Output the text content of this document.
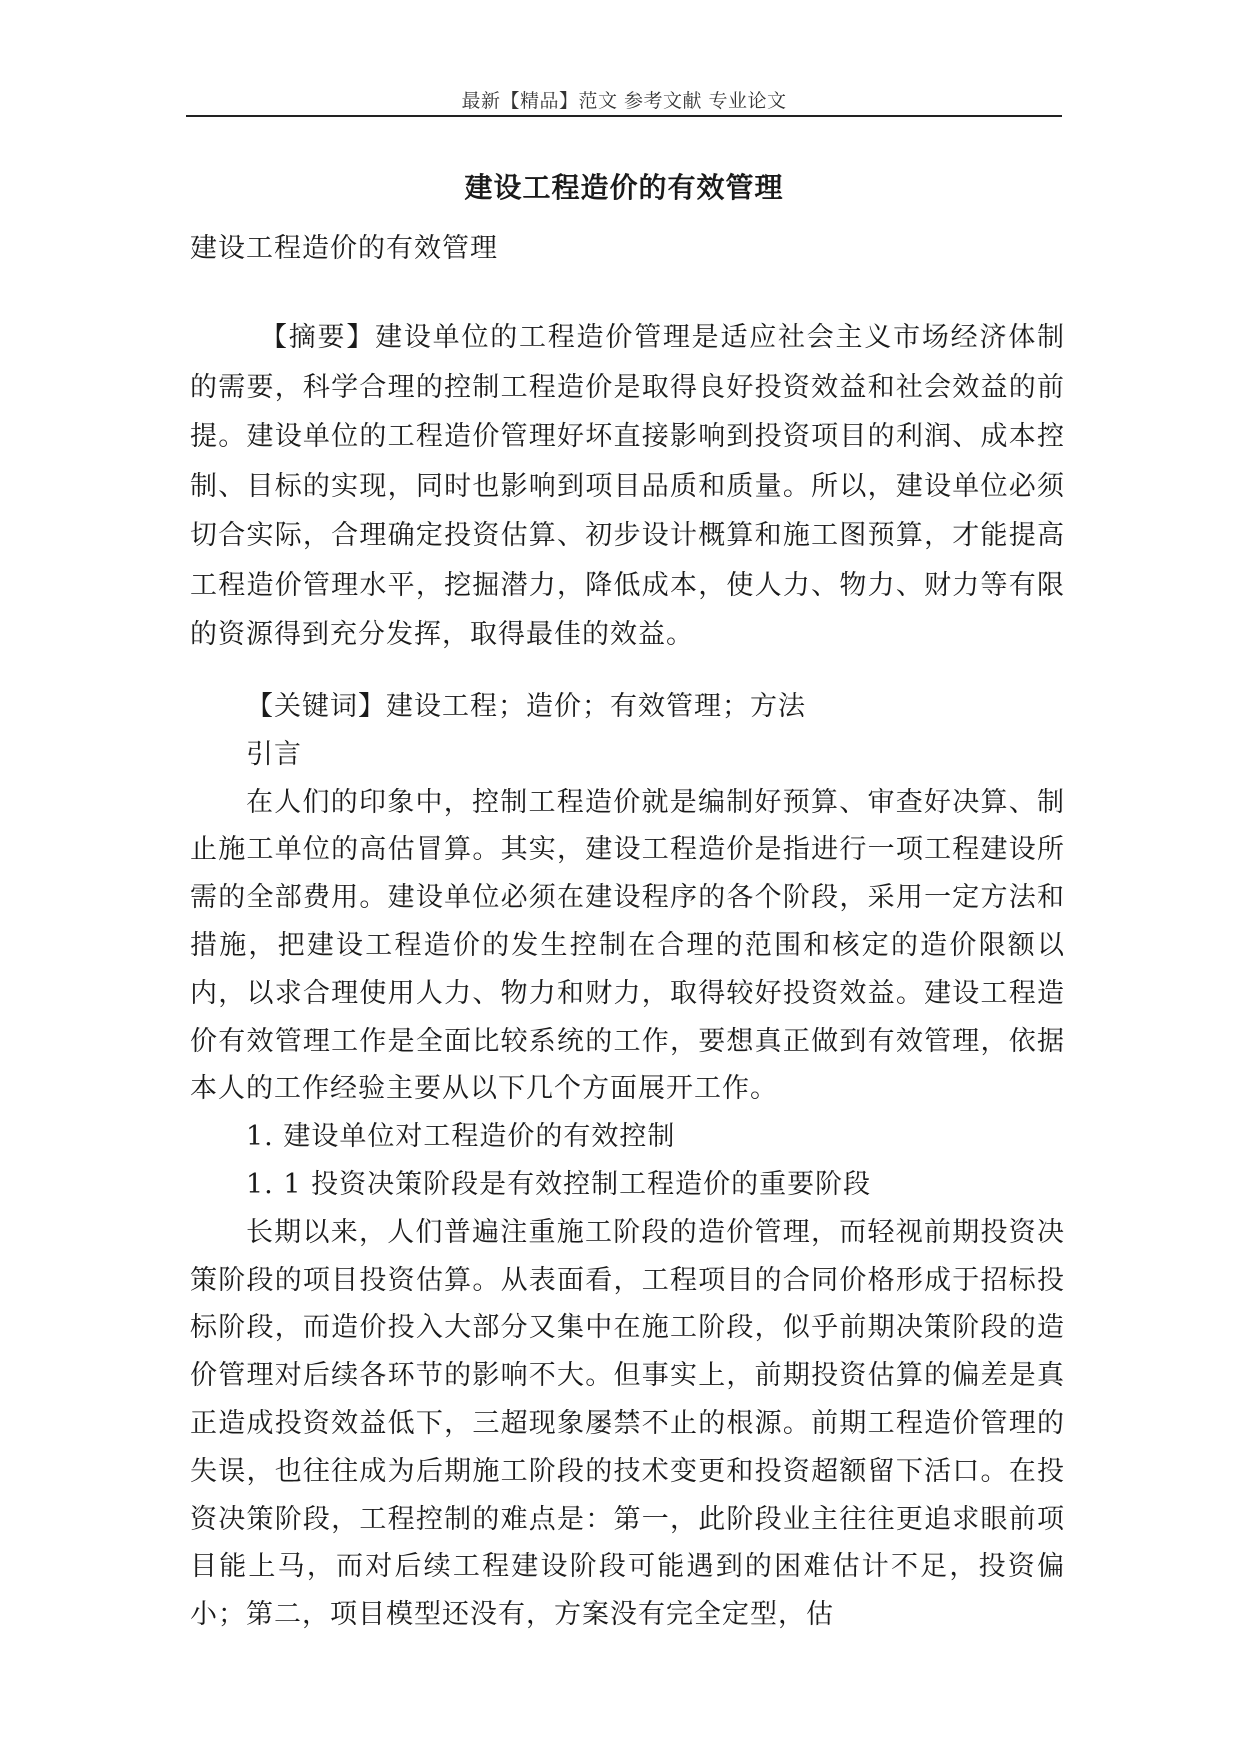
最新【精品】范文 参考文献 专业论文
建设工程造价的有效管理
建设工程造价的有效管理

【摘要】建设单位的工程造价管理是适应社会主义市场经济体制的需要，科学合理的控制工程造价是取得良好投资效益和社会效益的前提。建设单位的工程造价管理好坏直接影响到投资项目的利润、成本控制、目标的实现，同时也影响到项目品质和质量。所以，建设单位必须切合实际，合理确定投资估算、初步设计概算和施工图预算，才能提高工程造价管理水平，挖掘潜力，降低成本，使人力、物力、财力等有限的资源得到充分发挥，取得最佳的效益。

【关键词】建设工程；造价；有效管理；方法

引言

在人们的印象中，控制工程造价就是编制好预算、审查好决算、制止施工单位的高估冒算。其实，建设工程造价是指进行一项工程建设所需的全部费用。建设单位必须在建设程序的各个阶段，采用一定方法和措施，把建设工程造价的发生控制在合理的范围和核定的造价限额以内，以求合理使用人力、物力和财力，取得较好投资效益。建设工程造价有效管理工作是全面比较系统的工作，要想真正做到有效管理，依据本人的工作经验主要从以下几个方面展开工作。

1. 建设单位对工程造价的有效控制

1. 1 投资决策阶段是有效控制工程造价的重要阶段

长期以来，人们普遍注重施工阶段的造价管理，而轻视前期投资决策阶段的项目投资估算。从表面看，工程项目的合同价格形成于招标投标阶段，而造价投入大部分又集中在施工阶段，似乎前期决策阶段的造价管理对后续各环节的影响不大。但事实上，前期投资估算的偏差是真正造成投资效益低下，三超现象屡禁不止的根源。前期工程造价管理的失误，也往往成为后期施工阶段的技术变更和投资超额留下活口。在投资决策阶段，工程控制的难点是：第一，此阶段业主往往更追求眼前项目能上马，而对后续工程建设阶段可能遇到的困难估计不足，投资偏小；第二，项目模型还没有，方案没有完全定型，估
